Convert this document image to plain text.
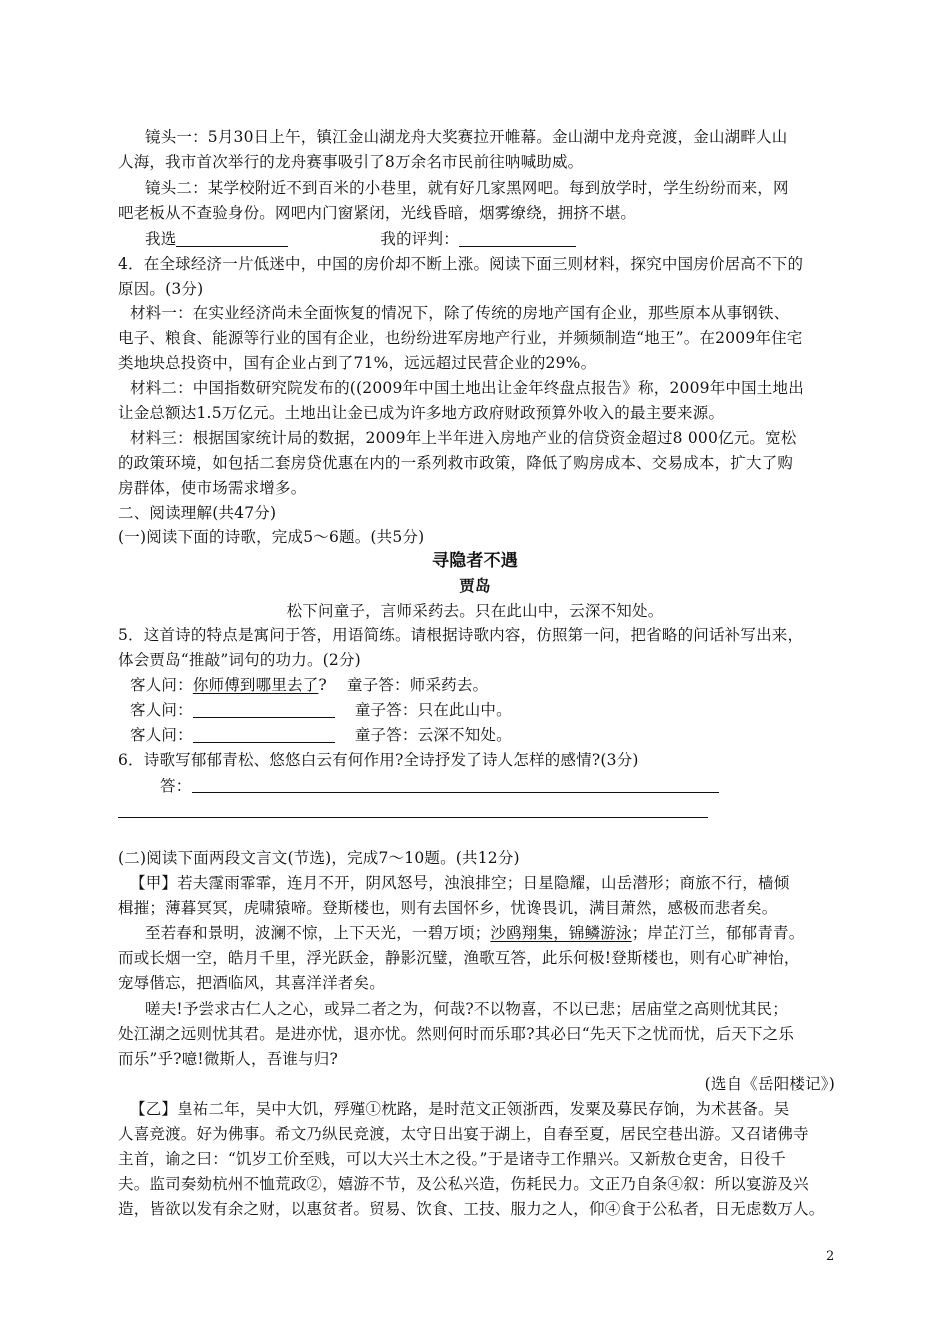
镜头一：5月30日上午，镇江金山湖龙舟大奖赛拉开帷幕。金山湖中龙舟竞渡，金山湖畔人山
人海，我市首次举行的龙舟赛事吸引了8万余名市民前往呐喊助威。
镜头二：某学校附近不到百米的小巷里，就有好几家黑网吧。每到放学时，学生纷纷而来，网
吧老板从不查验身份。网吧内门窗紧闭，光线昏暗，烟雾缭绕，拥挤不堪。
我选	我的评判：
4．在全球经济一片低迷中，中国的房价却不断上涨。阅读下面三则材料，探究中国房价居高不下的
原因。(3分)
材料一：在实业经济尚未全面恢复的情况下，除了传统的房地产国有企业，那些原本从事钢铁、
电子、粮食、能源等行业的国有企业，也纷纷进军房地产行业，并频频制造“地王”。在2009年住宅
类地块总投资中，国有企业占到了71%，远远超过民营企业的29%。
材料二：中国指数研究院发布的((2009年中国土地出让金年终盘点报告》称，2009年中国土地出
让金总额达1.5万亿元。土地出让金已成为许多地方政府财政预算外收入的最主要来源。
材料三：根据国家统计局的数据，2009年上半年进入房地产业的信贷资金超过8 000亿元。宽松
的政策环境，如包括二套房贷优惠在内的一系列救市政策，降低了购房成本、交易成本，扩大了购
房群体，使市场需求增多。
二、阅读理解(共47分)
(一)阅读下面的诗歌，完成5～6题。(共5分)
寻隐者不遇
贾岛
松下问童子，言师采药去。只在此山中，云深不知处。
5．这首诗的特点是寓问于答，用语简练。请根据诗歌内容，仿照第一问，把省略的问话补写出来，
体会贾岛“推敲”词句的功力。(2分)
客人问：你师傅到哪里去了? 童子答：师采药去。
客人问：	童子答：只在此山中。
客人问：	童子答：云深不知处。
6．诗歌写郁郁青松、悠悠白云有何作用?全诗抒发了诗人怎样的感情?(3分)
答：
(二)阅读下面两段文言文(节选)，完成7～10题。(共12分)
【甲】若夫霪雨霏霏，连月不开，阴风怒号，浊浪排空；日星隐耀，山岳潜形；商旅不行，樯倾
楫摧；薄暮冥冥，虎啸猿啼。登斯楼也，则有去国怀乡，忧谗畏讥，满目萧然，感极而悲者矣。
至若春和景明，波澜不惊，上下天光，一碧万顷；沙鸥翔集，锦鳞游泳；岸芷汀兰，郁郁青青。
而或长烟一空，皓月千里，浮光跃金，静影沉璧，渔歌互答，此乐何极!登斯楼也，则有心旷神怡，
宠辱偕忘，把酒临风，其喜洋洋者矣。
嗟夫!予尝求古仁人之心，或异二者之为，何哉?不以物喜，不以已悲；居庙堂之高则忧其民；
处江湖之远则忧其君。是进亦忧，退亦忧。然则何时而乐耶?其必曰“先天下之忧而忧，后天下之乐
而乐”乎?噫!微斯人，吾谁与归?
(选自《岳阳楼记》)
【乙】皇祐二年，吴中大饥，殍殣①枕路，是时范文正领浙西，发粟及募民存饷，为术甚备。吴
人喜竞渡。好为佛事。希文乃纵民竞渡，太守日出宴于湖上，自春至夏，居民空巷出游。又召诸佛寺
主首，谕之曰：“饥岁工价至贱，可以大兴土木之役。”于是诸寺工作鼎兴。又新敖仓吏舍，日役千
夫。监司奏劾杭州不恤荒政②，嬉游不节，及公私兴造，伤耗民力。文正乃自条④叙：所以宴游及兴
造，皆欲以发有余之财，以惠贫者。贸易、饮食、工技、服力之人，仰④食于公私者，日无虑数万人。
2
